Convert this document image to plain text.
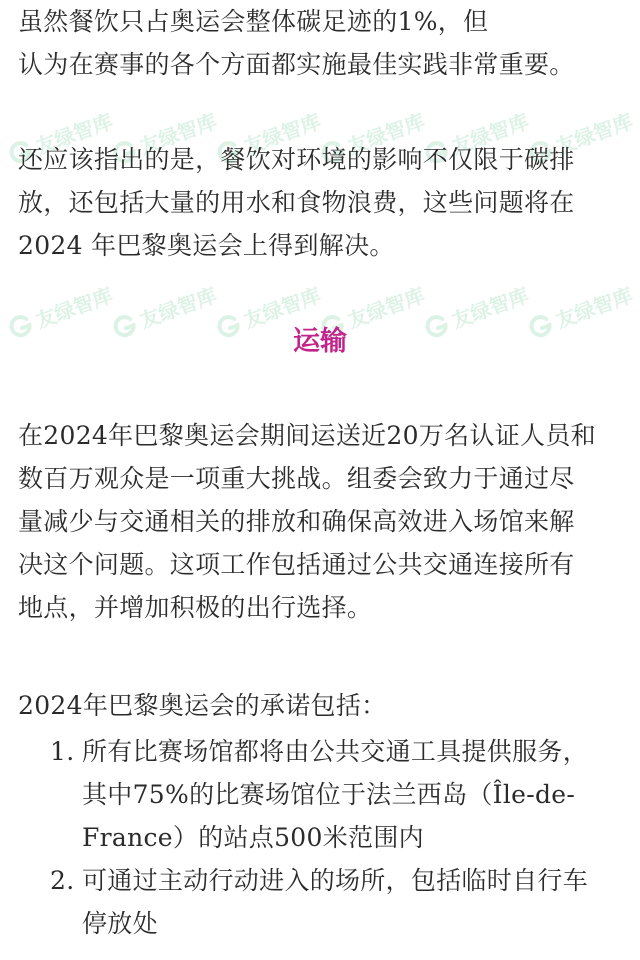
友绿智库 友绿智库 友绿智库 友绿智库 友绿智库 友绿智库
友绿智库 友绿智库 友绿智库 友绿智库 友绿智库 友绿智库
虽然餐饮只占奥运会整体碳足迹的1%，但
认为在赛事的各个方面都实施最佳实践非常重要。
还应该指出的是，餐饮对环境的影响不仅限于碳排
放，还包括大量的用水和食物浪费，这些问题将在
2024 年巴黎奥运会上得到解决。
运输
在2024年巴黎奥运会期间运送近20万名认证人员和
数百万观众是一项重大挑战。组委会致力于通过尽
量减少与交通相关的排放和确保高效进入场馆来解
决这个问题。这项工作包括通过公共交通连接所有
地点，并增加积极的出行选择。
2024年巴黎奥运会的承诺包括：
1. 所有比赛场馆都将由公共交通工具提供服务，
其中75%的比赛场馆位于法兰西岛（Île-de-
France）的站点500米范围内
2. 可通过主动行动进入的场所，包括临时自行车
停放处
